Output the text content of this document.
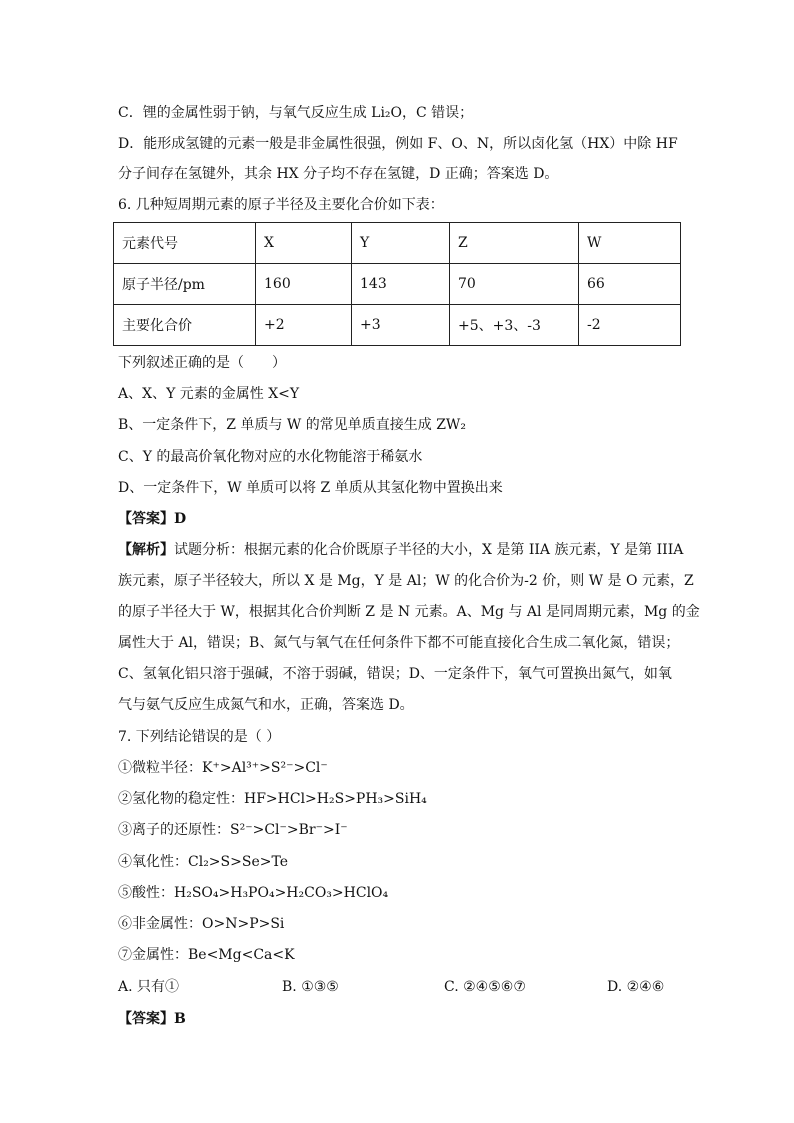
C．锂的金属性弱于钠，与氧气反应生成 Li₂O，C 错误；
D．能形成氢键的元素一般是非金属性很强，例如 F、O、N，所以卤化氢（HX）中除 HF
分子间存在氢键外，其余 HX 分子均不存在氢键，D 正确；答案选 D。
6. 几种短周期元素的原子半径及主要化合价如下表：
元素代号	X	Y	Z	W
原子半径/pm	160	143	70	66
主要化合价	+2	+3	+5、+3、-3	-2
下列叙述正确的是（　　）
A、X、Y 元素的金属性 X<Y
B、一定条件下，Z 单质与 W 的常见单质直接生成 ZW₂
C、Y 的最高价氧化物对应的水化物能溶于稀氨水
D、一定条件下，W 单质可以将 Z 单质从其氢化物中置换出来
【答案】D
【解析】试题分析：根据元素的化合价既原子半径的大小，X 是第 IIA 族元素，Y 是第 IIIA
族元素，原子半径较大，所以 X 是 Mg，Y 是 Al；W 的化合价为-2 价，则 W 是 O 元素，Z
的原子半径大于 W，根据其化合价判断 Z 是 N 元素。A、Mg 与 Al 是同周期元素，Mg 的金
属性大于 Al，错误；B、氮气与氧气在任何条件下都不可能直接化合生成二氧化氮，错误；
C、氢氧化铝只溶于强碱，不溶于弱碱，错误；D、一定条件下，氧气可置换出氮气，如氧
气与氨气反应生成氮气和水，正确，答案选 D。
7. 下列结论错误的是（ ）
①微粒半径：K⁺>Al³⁺>S²⁻>Cl⁻
②氢化物的稳定性：HF>HCl>H₂S>PH₃>SiH₄
③离子的还原性：S²⁻>Cl⁻>Br⁻>I⁻
④氧化性：Cl₂>S>Se>Te
⑤酸性：H₂SO₄>H₃PO₄>H₂CO₃>HClO₄
⑥非金属性：O>N>P>Si
⑦金属性：Be<Mg<Ca<K
A. 只有①	B. ①③⑤	C. ②④⑤⑥⑦	D. ②④⑥
【答案】B
